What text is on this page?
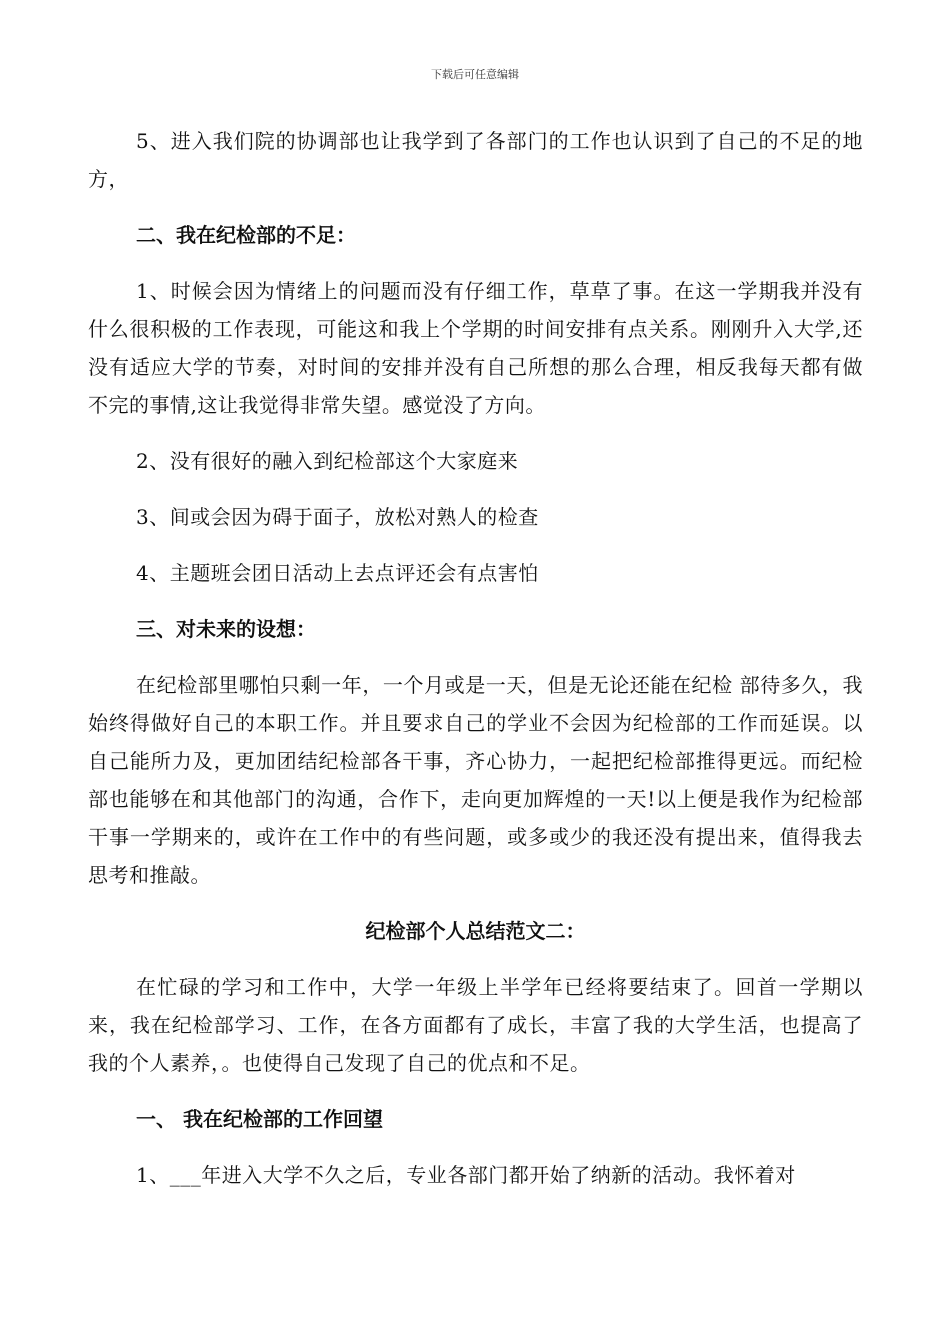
下载后可任意编辑

5、进入我们院的协调部也让我学到了各部门的工作也认识到了自己的不足的地方，

二、我在纪检部的不足：

1、时候会因为情绪上的问题而没有仔细工作，草草了事。在这一学期我并没有什么很积极的工作表现，可能这和我上个学期的时间安排有点关系。刚刚升入大学,还没有适应大学的节奏，对时间的安排并没有自己所想的那么合理，相反我每天都有做不完的事情,这让我觉得非常失望。感觉没了方向。

2、没有很好的融入到纪检部这个大家庭来

3、间或会因为碍于面子，放松对熟人的检查

4、主题班会团日活动上去点评还会有点害怕

三、对未来的设想：

在纪检部里哪怕只剩一年，一个月或是一天，但是无论还能在纪检 部待多久，我始终得做好自己的本职工作。并且要求自己的学业不会因为纪检部的工作而延误。以自己能所力及，更加团结纪检部各干事，齐心协力，一起把纪检部推得更远。而纪检部也能够在和其他部门的沟通，合作下，走向更加辉煌的一天!以上便是我作为纪检部干事一学期来的，或许在工作中的有些问题，或多或少的我还没有提出来，值得我去思考和推敲。

纪检部个人总结范文二：

在忙碌的学习和工作中，大学一年级上半学年已经将要结束了。回首一学期以来，我在纪检部学习、工作，在各方面都有了成长，丰富了我的大学生活，也提高了我的个人素养，。也使得自己发现了自己的优点和不足。

一、 我在纪检部的工作回望

1、___年进入大学不久之后，专业各部门都开始了纳新的活动。我怀着对
